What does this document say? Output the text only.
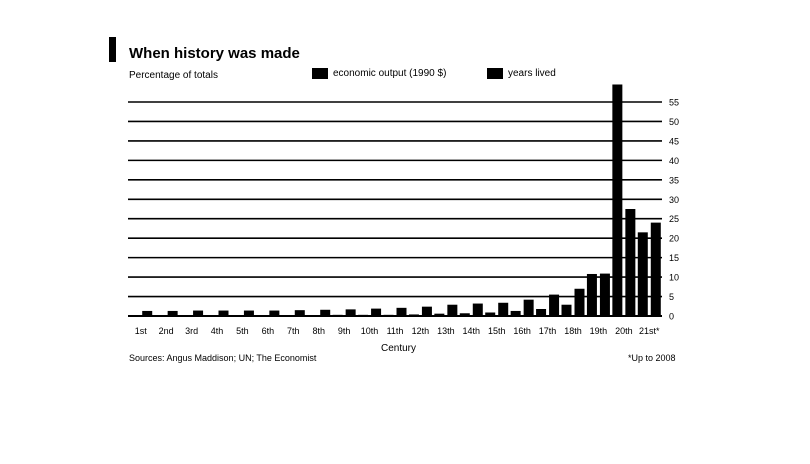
0
5
10
15
20
25
30
35
40
45
50
55
1st 2nd 3rd 4th 5th 6th 7th 8th 9th 10th 11th 12th 13th 14th 15th 16th 17th 18th 19th 20th 21st*
When history was made
Percentage of totals	economic output (1990 $)	years lived
Century
Sources: Angus Maddison; UN; The Economist	*Up to 2008
